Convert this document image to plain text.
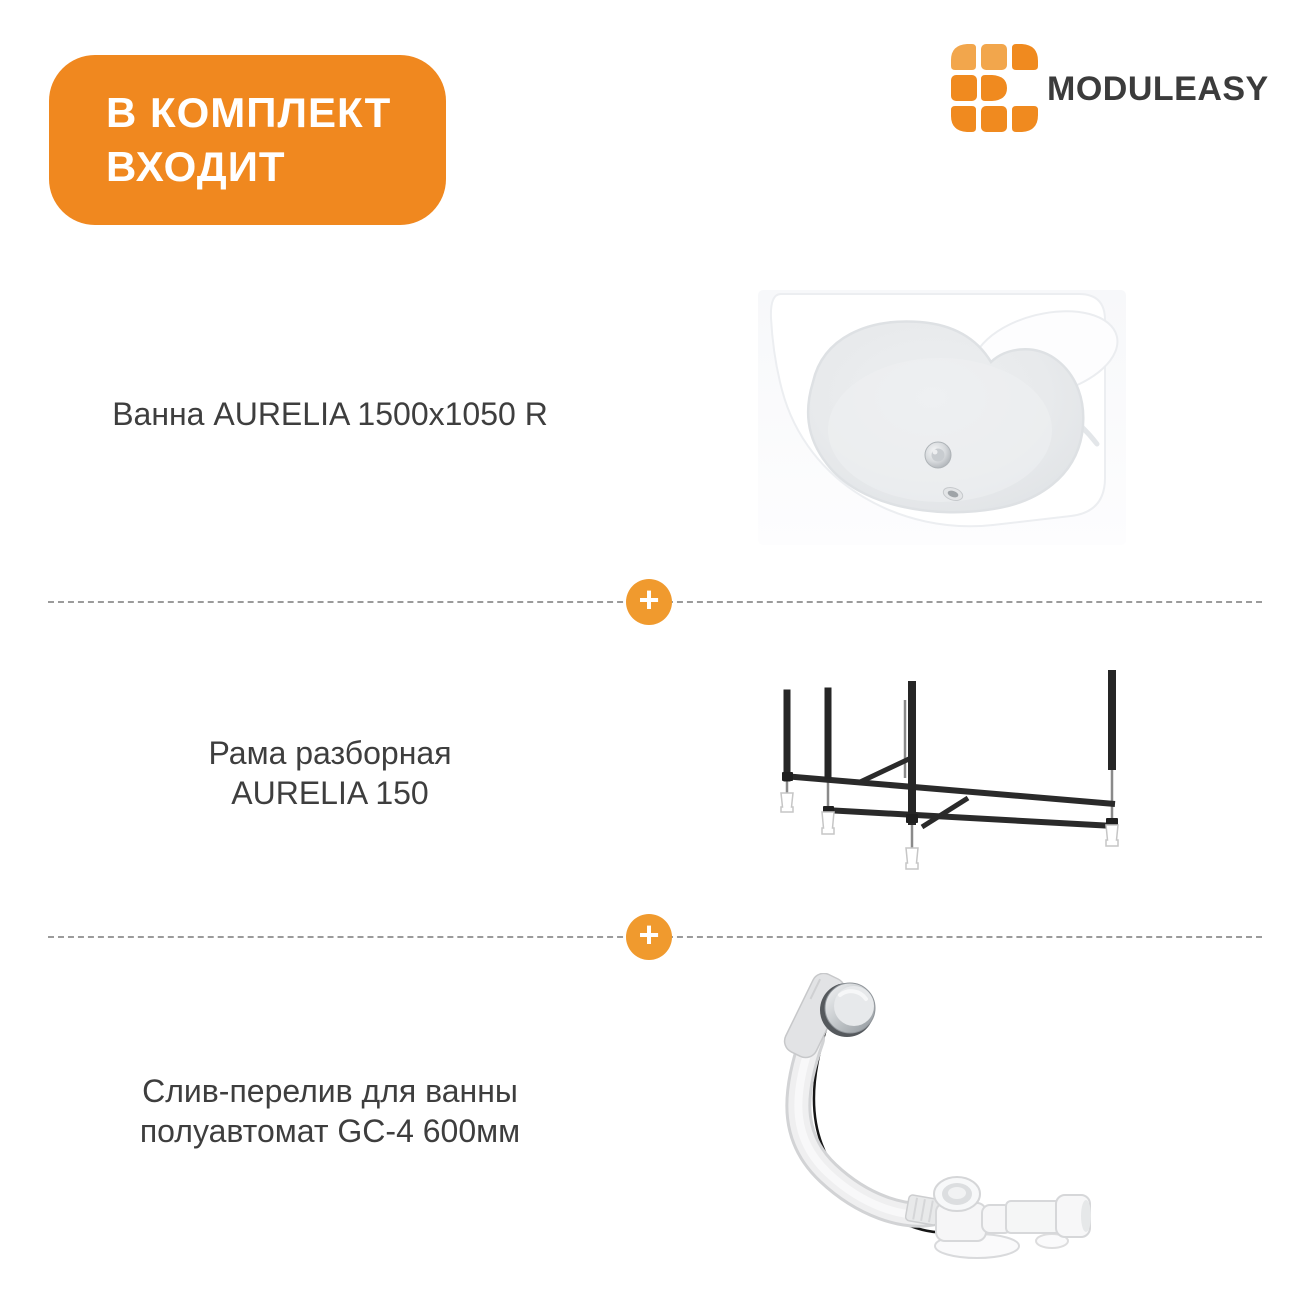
В КОМПЛЕКТ
ВХОДИТ
MODULEASY
Ванна AURELIA 1500x1050 R
+
Рама разборная
AURELIA 150
+
Слив-перелив для ванны
полуавтомат GC-4 600мм
